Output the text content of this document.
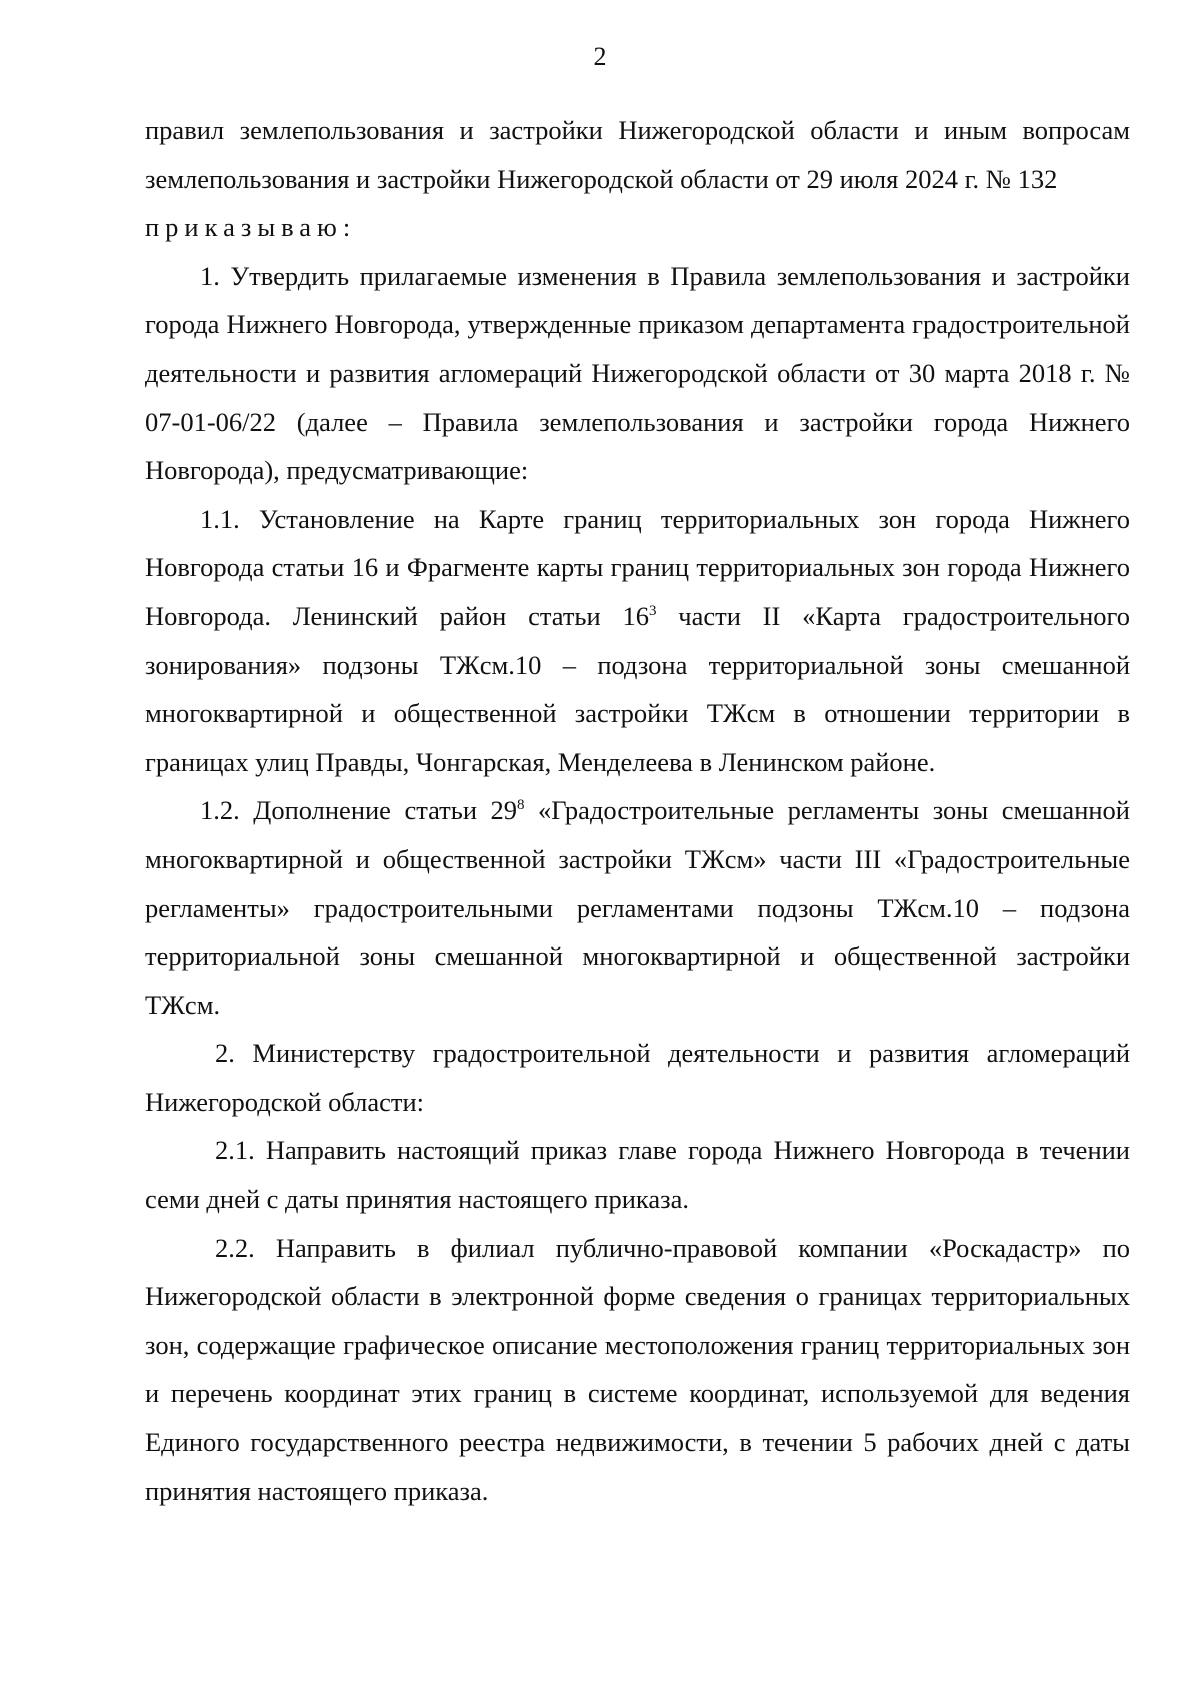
2

правил землепользования и застройки Нижегородской области и иным вопросам землепользования и застройки Нижегородской области от 29 июля 2024 г. № 132

приказываю:

1. Утвердить прилагаемые изменения в Правила землепользования и застройки города Нижнего Новгорода, утвержденные приказом департамента градостроительной деятельности и развития агломераций Нижегородской области от 30 марта 2018 г. № 07-01-06/22 (далее – Правила землепользования и застройки города Нижнего Новгорода), предусматривающие:

1.1. Установление на Карте границ территориальных зон города Нижнего Новгорода статьи 16 и Фрагменте карты границ территориальных зон города Нижнего Новгорода. Ленинский район статьи $16^3$ части II «Карта градостроительного зонирования» подзоны ТЖсм.10 – подзона территориальной зоны смешанной многоквартирной и общественной застройки ТЖсм в отношении территории в границах улиц Правды, Чонгарская, Менделеева в Ленинском районе.

1.2. Дополнение статьи $29^8$ «Градостроительные регламенты зоны смешанной многоквартирной и общественной застройки ТЖсм» части III «Градостроительные регламенты» градостроительными регламентами подзоны ТЖсм.10 – подзона территориальной зоны смешанной многоквартирной и общественной застройки ТЖсм.

2. Министерству градостроительной деятельности и развития агломераций Нижегородской области:

2.1. Направить настоящий приказ главе города Нижнего Новгорода в течении семи дней с даты принятия настоящего приказа.

2.2. Направить в филиал публично-правовой компании «Роскадастр» по Нижегородской области в электронной форме сведения о границах территориальных зон, содержащие графическое описание местоположения границ территориальных зон и перечень координат этих границ в системе координат, используемой для ведения Единого государственного реестра недвижимости, в течении 5 рабочих дней с даты принятия настоящего приказа.
